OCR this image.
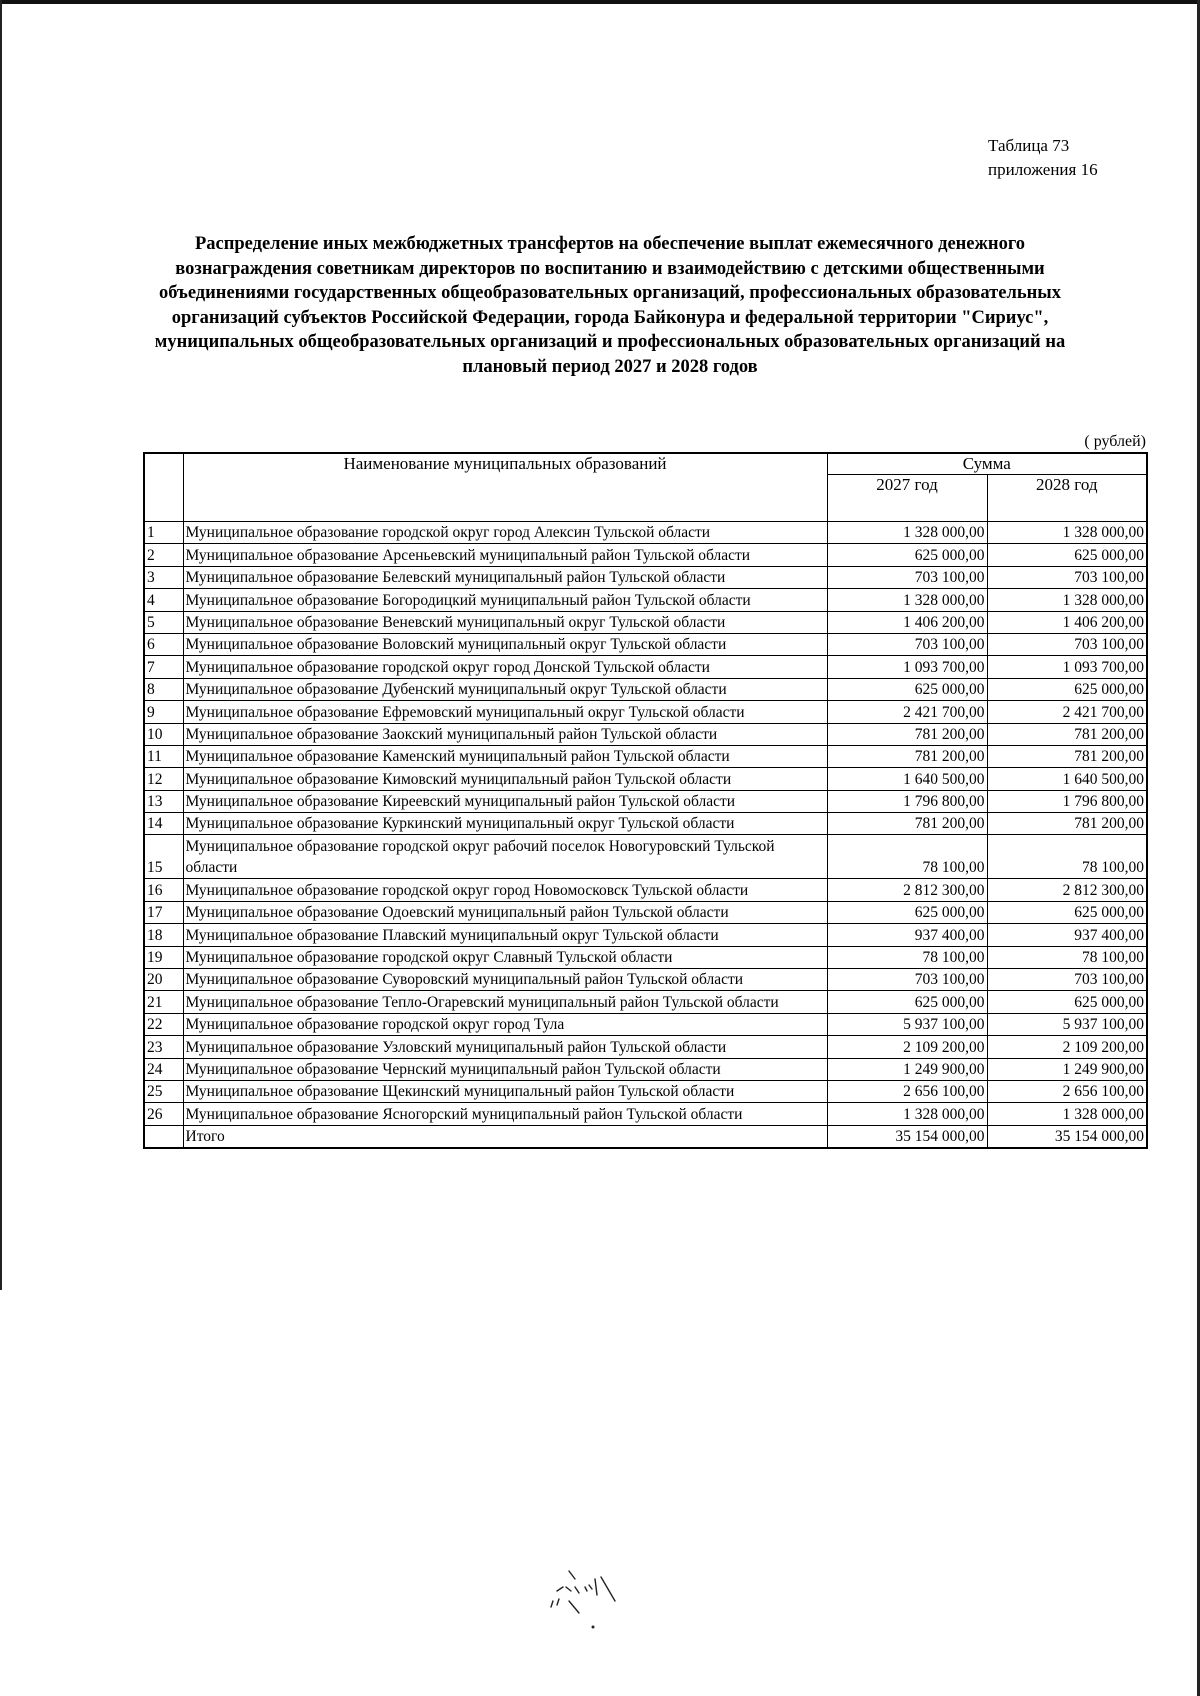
Таблица 73
приложения 16
Распределение иных межбюджетных трансфертов на обеспечение выплат ежемесячного денежного вознаграждения советникам директоров по воспитанию и взаимодействию с детскими общественными объединениями государственных общеобразовательных организаций, профессиональных образовательных организаций субъектов Российской Федерации, города Байконура и федеральной территории "Сириус", муниципальных общеобразовательных организаций и профессиональных образовательных организаций на плановый период 2027 и 2028 годов
( рублей)
	Наименование муниципальных образований	Сумма	
		2027 год	2028 год
1	Муниципальное образование городской округ город Алексин Тульской области	1 328 000,00	1 328 000,00
2	Муниципальное образование Арсеньевский муниципальный район Тульской области	625 000,00	625 000,00
3	Муниципальное образование Белевский муниципальный район Тульской области	703 100,00	703 100,00
4	Муниципальное образование Богородицкий муниципальный район Тульской области	1 328 000,00	1 328 000,00
5	Муниципальное образование Веневский муниципальный округ Тульской области	1 406 200,00	1 406 200,00
6	Муниципальное образование Воловский муниципальный округ Тульской области	703 100,00	703 100,00
7	Муниципальное образование городской округ город Донской Тульской области	1 093 700,00	1 093 700,00
8	Муниципальное образование Дубенский муниципальный округ Тульской области	625 000,00	625 000,00
9	Муниципальное образование Ефремовский муниципальный округ Тульской области	2 421 700,00	2 421 700,00
10	Муниципальное образование Заокский муниципальный район Тульской области	781 200,00	781 200,00
11	Муниципальное образование Каменский муниципальный район Тульской области	781 200,00	781 200,00
12	Муниципальное образование Кимовский муниципальный район Тульской области	1 640 500,00	1 640 500,00
13	Муниципальное образование Киреевский муниципальный район Тульской области	1 796 800,00	1 796 800,00
14	Муниципальное образование Куркинский муниципальный округ Тульской области	781 200,00	781 200,00
15	Муниципальное образование городской округ рабочий поселок Новогуровский Тульской области	78 100,00	78 100,00
16	Муниципальное образование городской округ город Новомосковск Тульской области	2 812 300,00	2 812 300,00
17	Муниципальное образование Одоевский муниципальный район Тульской области	625 000,00	625 000,00
18	Муниципальное образование Плавский муниципальный округ Тульской области	937 400,00	937 400,00
19	Муниципальное образование городской округ Славный Тульской области	78 100,00	78 100,00
20	Муниципальное образование Суворовский муниципальный район Тульской области	703 100,00	703 100,00
21	Муниципальное образование Тепло-Огаревский муниципальный район Тульской области	625 000,00	625 000,00
22	Муниципальное образование городской округ город Тула	5 937 100,00	5 937 100,00
23	Муниципальное образование Узловский муниципальный район Тульской области	2 109 200,00	2 109 200,00
24	Муниципальное образование Чернский муниципальный район Тульской области	1 249 900,00	1 249 900,00
25	Муниципальное образование Щекинский муниципальный район Тульской области	2 656 100,00	2 656 100,00
26	Муниципальное образование Ясногорский муниципальный район Тульской области	1 328 000,00	1 328 000,00
	Итого	35 154 000,00	35 154 000,00
